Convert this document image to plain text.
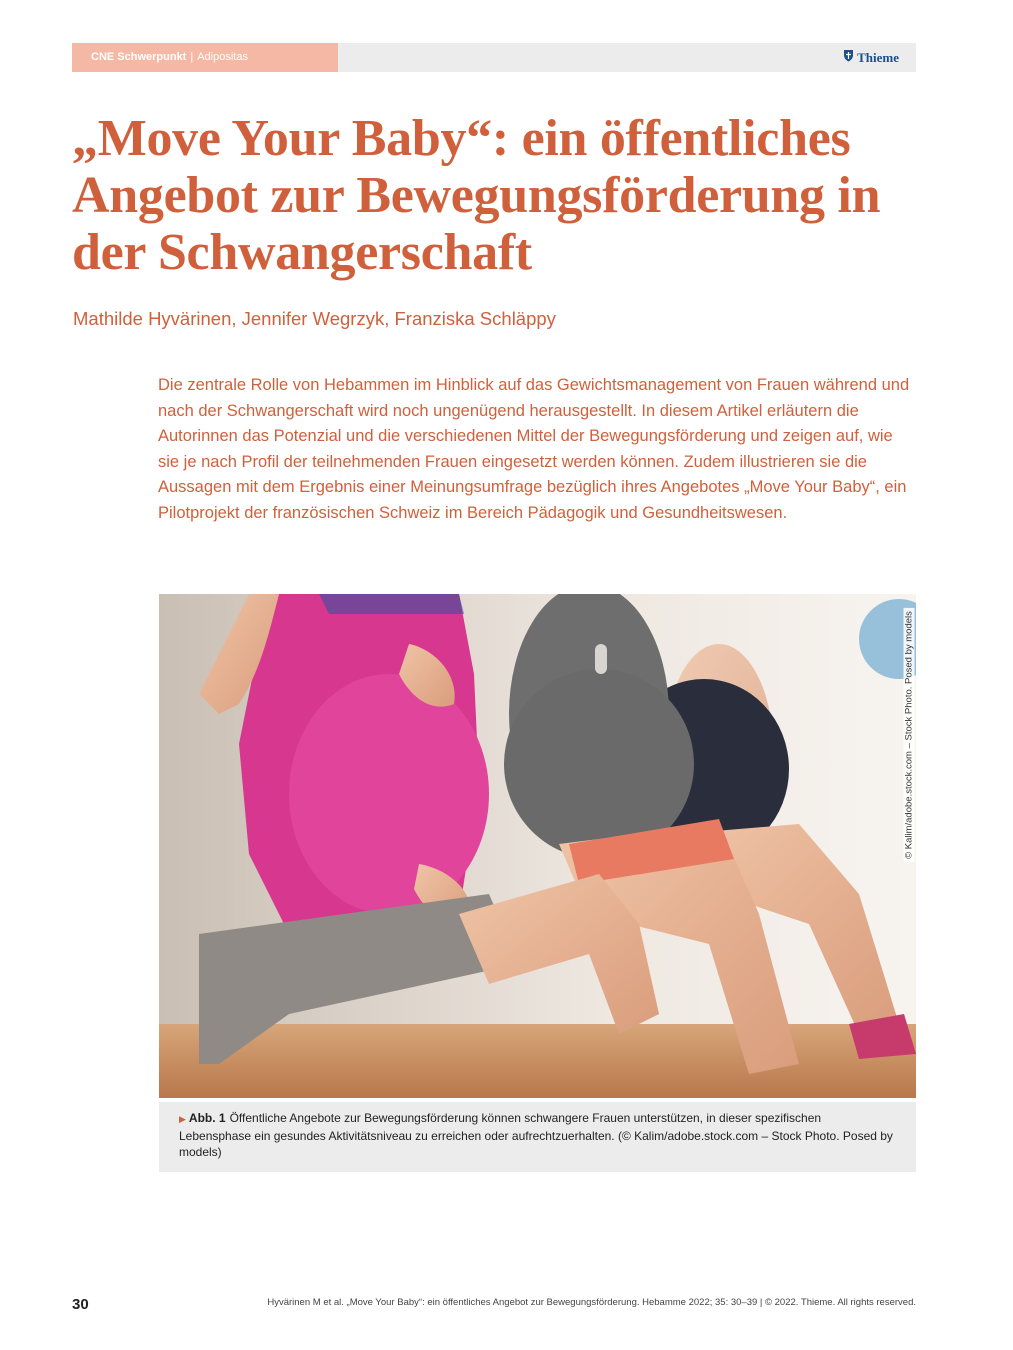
CNE Schwerpunkt | Adipositas	Thieme
„Move Your Baby“: ein öffentliches Angebot zur Bewegungsförderung in der Schwangerschaft

Mathilde Hyvärinen, Jennifer Wegrzyk, Franziska Schläppy

Die zentrale Rolle von Hebammen im Hinblick auf das Gewichtsmanagement von Frauen während und nach der Schwangerschaft wird noch ungenügend herausgestellt. In diesem Artikel erläutern die Autorinnen das Potenzial und die verschiedenen Mittel der Bewegungsförderung und zeigen auf, wie sie je nach Profil der teilnehmenden Frauen eingesetzt werden können. Zudem illustrieren sie die Aussagen mit dem Ergebnis einer Meinungsumfrage bezüglich ihres Angebotes „Move Your Baby“, ein Pilotprojekt der französischen Schweiz im Bereich Pädagogik und Gesundheitswesen.

© Kalim/adobe.stock.com – Stock Photo. Posed by models
▶ Abb. 1 Öffentliche Angebote zur Bewegungsförderung können schwangere Frauen unterstützen, in dieser spezifischen Lebensphase ein gesundes Aktivitätsniveau zu erreichen oder aufrechtzuerhalten. (© Kalim/adobe.stock.com – Stock Photo. Posed by models)
30	Hyvärinen M et al. „Move Your Baby“: ein öffentliches Angebot zur Bewegungsförderung. Hebamme 2022; 35: 30–39 | © 2022. Thieme. All rights reserved.
